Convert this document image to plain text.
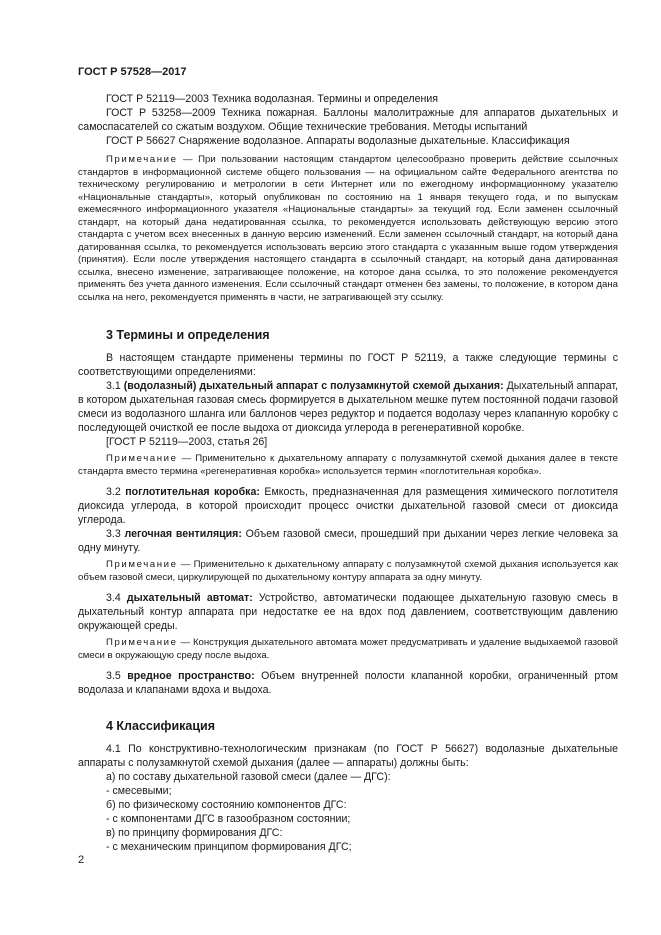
ГОСТ Р 57528—2017

ГОСТ Р 52119—2003 Техника водолазная. Термины и определения

ГОСТ Р 53258—2009 Техника пожарная. Баллоны малолитражные для аппаратов дыхательных и самоспасателей со сжатым воздухом. Общие технические требования. Методы испытаний

ГОСТ Р 56627 Снаряжение водолазное. Аппараты водолазные дыхательные. Классификация

Примечание — При пользовании настоящим стандартом целесообразно проверить действие ссылочных стандартов в информационной системе общего пользования — на официальном сайте Федерального агентства по техническому регулированию и метрологии в сети Интернет или по ежегодному информационному указателю «Национальные стандарты», который опубликован по состоянию на 1 января текущего года, и по выпускам ежемесячного информационного указателя «Национальные стандарты» за текущий год. Если заменен ссылочный стандарт, на который дана недатированная ссылка, то рекомендуется использовать действующую версию этого стандарта с учетом всех внесенных в данную версию изменений. Если заменен ссылочный стандарт, на который дана датированная ссылка, то рекомендуется использовать версию этого стандарта с указанным выше годом утверждения (принятия). Если после утверждения настоящего стандарта в ссылочный стандарт, на который дана датированная ссылка, внесено изменение, затрагивающее положение, на которое дана ссылка, то это положение рекомендуется применять без учета данного изменения. Если ссылочный стандарт отменен без замены, то положение, в котором дана ссылка на него, рекомендуется применять в части, не затрагивающей эту ссылку.

3 Термины и определения

В настоящем стандарте применены термины по ГОСТ Р 52119, а также следующие термины с соответствующими определениями:

3.1 (водолазный) дыхательный аппарат с полузамкнутой схемой дыхания: Дыхательный аппарат, в котором дыхательная газовая смесь формируется в дыхательном мешке путем постоянной подачи газовой смеси из водолазного шланга или баллонов через редуктор и подается водолазу через клапанную коробку с последующей очисткой ее после выдоха от диоксида углерода в регенеративной коробке.

[ГОСТ Р 52119—2003, статья 26]

Примечание — Применительно к дыхательному аппарату с полузамкнутой схемой дыхания далее в тексте стандарта вместо термина «регенеративная коробка» используется термин «поглотительная коробка».

3.2 поглотительная коробка: Емкость, предназначенная для размещения химического поглотителя диоксида углерода, в которой происходит процесс очистки дыхательной газовой смеси от диоксида углерода.

3.3 легочная вентиляция: Объем газовой смеси, прошедший при дыхании через легкие человека за одну минуту.

Примечание — Применительно к дыхательному аппарату с полузамкнутой схемой дыхания используется как объем газовой смеси, циркулирующей по дыхательному контуру аппарата за одну минуту.

3.4 дыхательный автомат: Устройство, автоматически подающее дыхательную газовую смесь в дыхательный контур аппарата при недостатке ее на вдох под давлением, соответствующим давлению окружающей среды.

Примечание — Конструкция дыхательного автомата может предусматривать и удаление выдыхаемой газовой смеси в окружающую среду после выдоха.

3.5 вредное пространство: Объем внутренней полости клапанной коробки, ограниченный ртом водолаза и клапанами вдоха и выдоха.

4 Классификация

4.1 По конструктивно-технологическим признакам (по ГОСТ Р 56627) водолазные дыхательные аппараты с полузамкнутой схемой дыхания (далее — аппараты) должны быть:

а) по составу дыхательной газовой смеси (далее — ДГС):

- смесевыми;

б) по физическому состоянию компонентов ДГС:

- с компонентами ДГС в газообразном состоянии;

в) по принципу формирования ДГС:

- с механическим принципом формирования ДГС;

2
